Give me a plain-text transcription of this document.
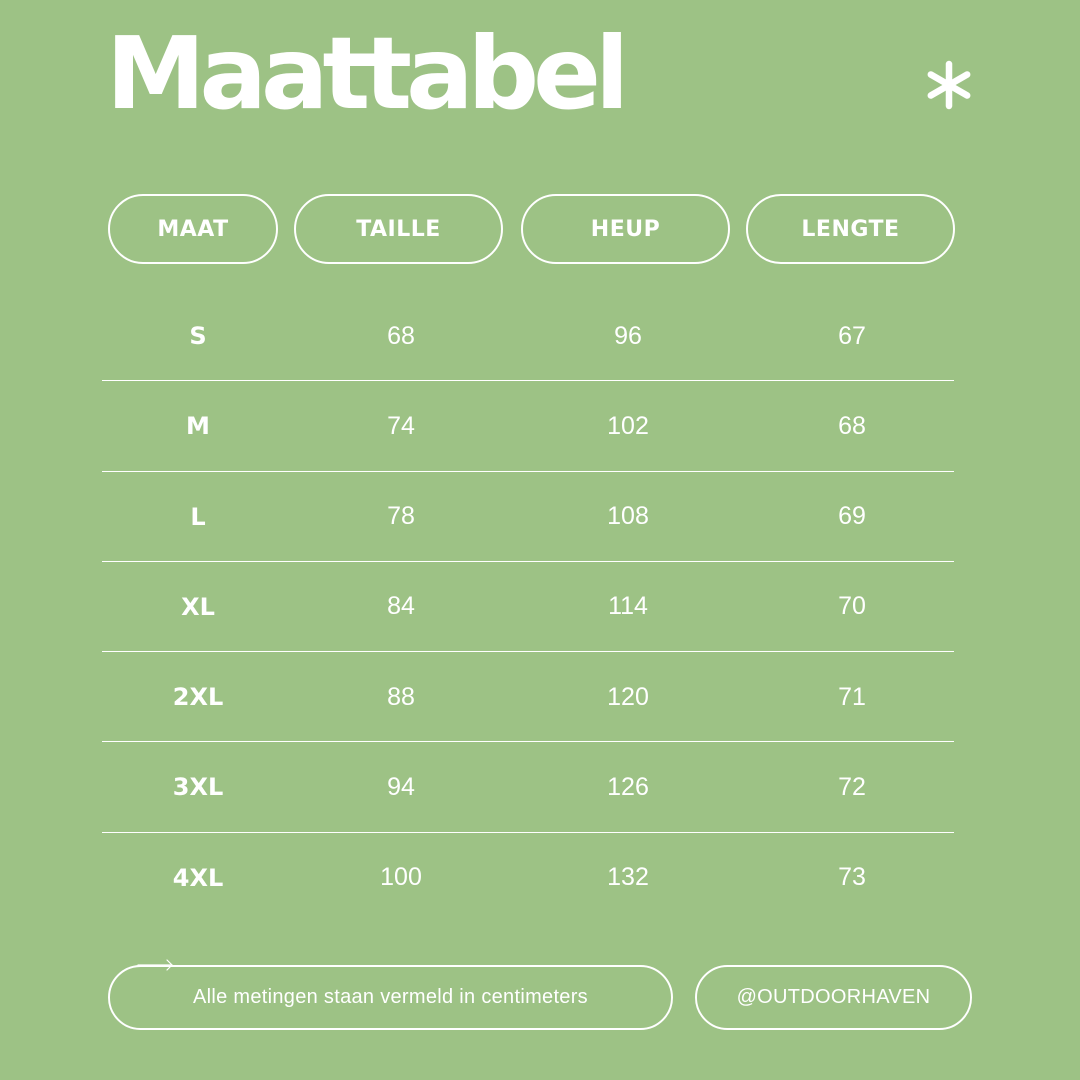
Maattabel
MAAT	TAILLE	HEUP	LENGTE
S	68	96	67
M	74	102	68
L	78	108	69
XL	84	114	70
2XL	88	120	71
3XL	94	126	72
4XL	100	132	73
Alle metingen staan vermeld in centimeters	@OUTDOORHAVEN
